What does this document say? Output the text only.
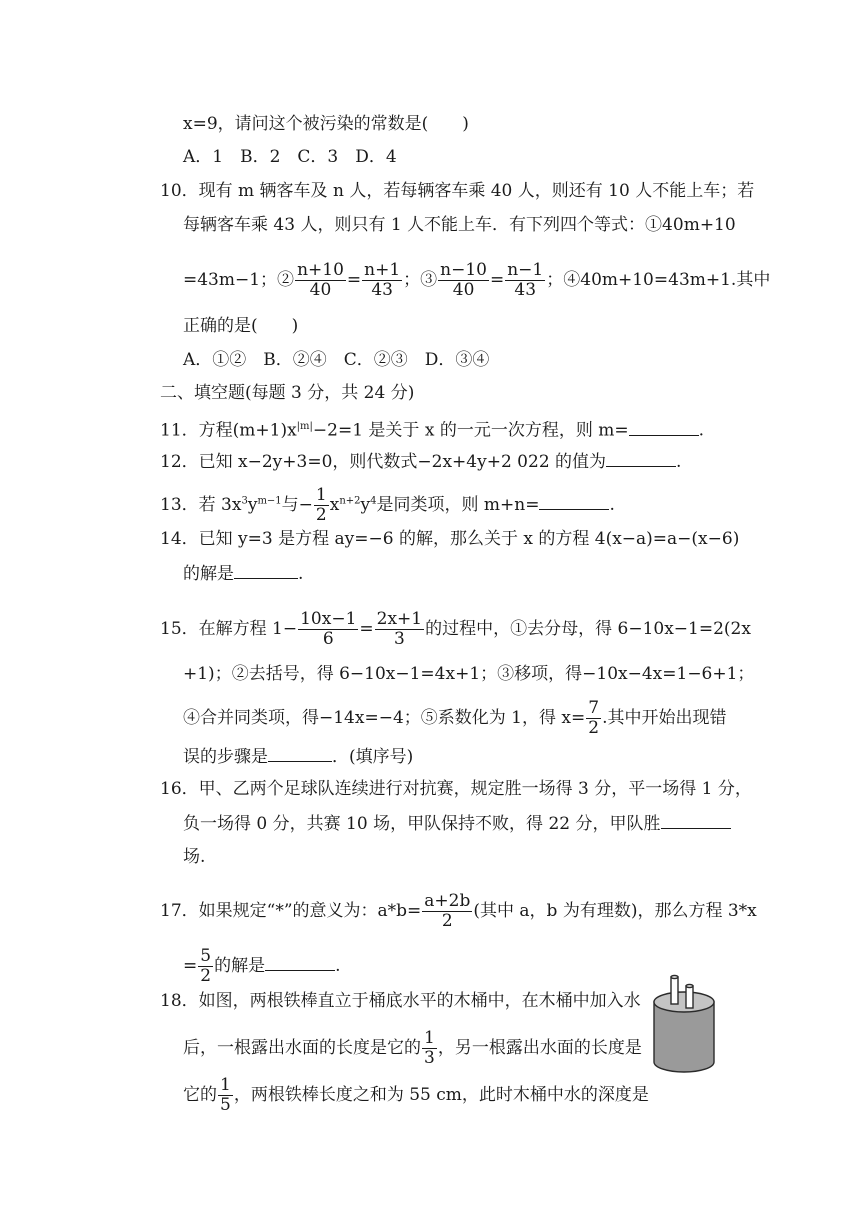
x=9，请问这个被污染的常数是(　　)
A．1　B．2　C．3　D．4
10．现有 m 辆客车及 n 人，若每辆客车乘 40 人，则还有 10 人不能上车；若
每辆客车乘 43 人，则只有 1 人不能上车．有下列四个等式：①40m+10
=43m−1；② $\frac{n+10}{40} = \frac{n+1}{43}$ ；③ $\frac{n-10}{40} = \frac{n-1}{43}$ ；④40m+10=43m+1.其中
正确的是(　　)
A．①②　B．②④　C．②③　D．③④
二、填空题(每题 3 分，共 24 分)
11．方程$(m+1)x^{|m|}-2=1$ 是关于 x 的一元一次方程，则 m=	.
12．已知 x−2y+3=0，则代数式−2x+4y+2 022 的值为	.
13．若 $3x^3y^{m-1}$与− $\frac{1}{2} x^{n+2}y^4$是同类项，则 m+n=	.
14．已知 y=3 是方程 ay=−6 的解，那么关于 x 的方程 4(x−a)=a−(x−6)
的解是	.
15．在解方程 $1- \frac{10x-1}{6} = \frac{2x+1}{3}$ 的过程中，①去分母，得 6−10x−1=2(2x
+1)；②去括号，得 6−10x−1=4x+1；③移项，得−10x−4x=1−6+1；
④合并同类项，得−14x=−4；⑤系数化为 1，得 $x= \frac{7}{2}$ .其中开始出现错
误的步骤是	．(填序号)
16．甲、乙两个足球队连续进行对抗赛，规定胜一场得 3 分，平一场得 1 分，
负一场得 0 分，共赛 10 场，甲队保持不败，得 22 分，甲队胜
场.
17．如果规定“*”的意义为：$a*b= \frac{a+2b}{2}$ (其中 a，b 为有理数)，那么方程 3*x
= $\frac{5}{2}$ 的解是	.
18．如图，两根铁棒直立于桶底水平的木桶中，在木桶中加入水
后，一根露出水面的长度是它的 $\frac{1}{3}$ ，另一根露出水面的长度是
它的 $\frac{1}{5}$ ，两根铁棒长度之和为 55 cm，此时木桶中水的深度是
